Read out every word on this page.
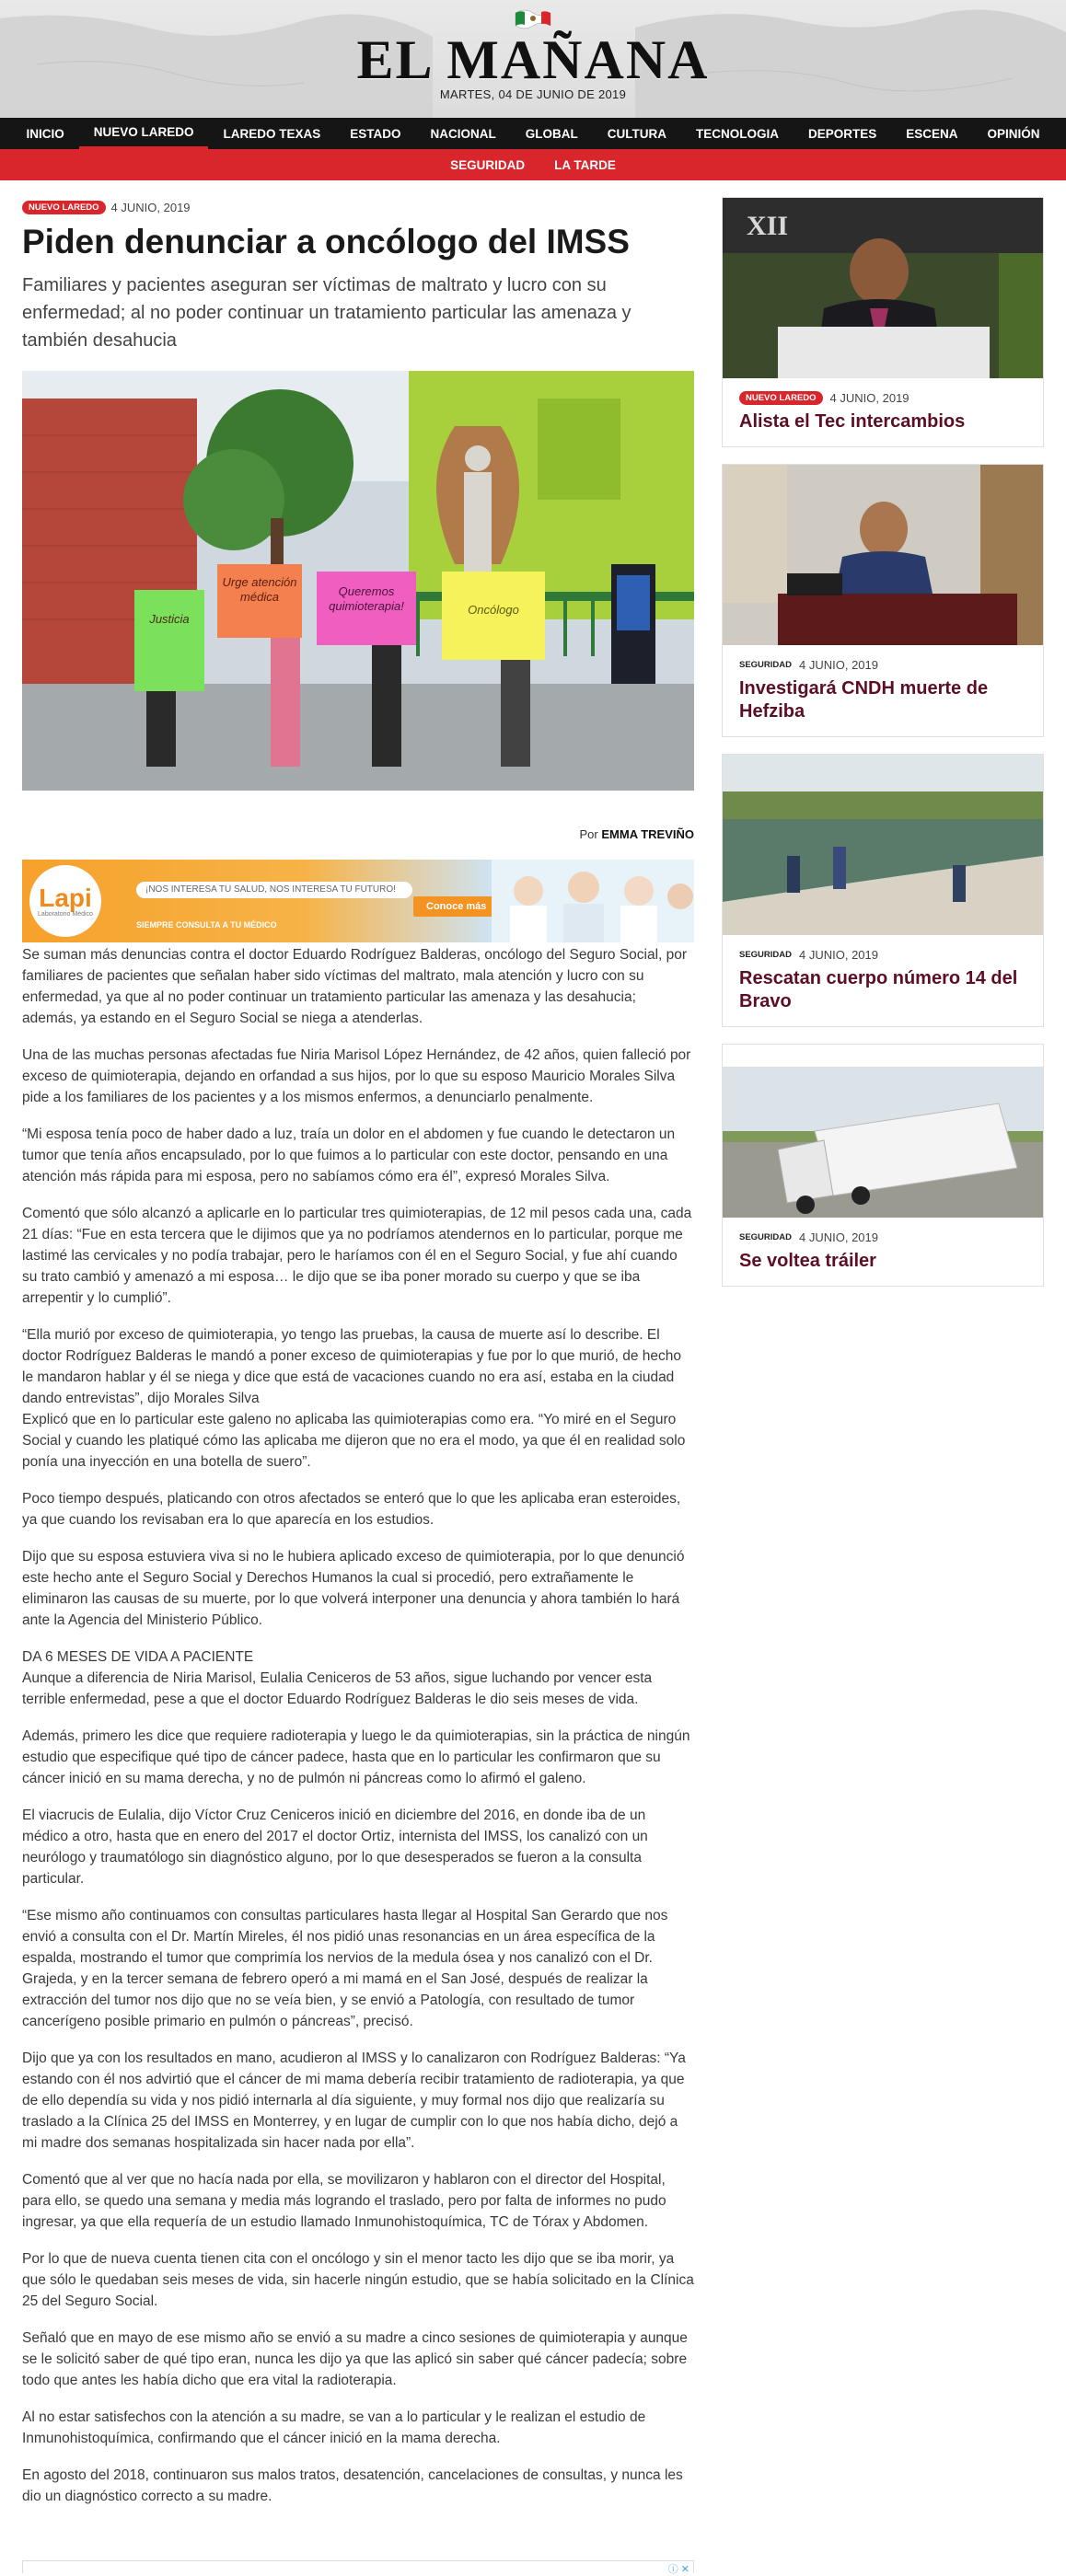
EL MAÑANA
MARTES, 04 DE JUNIO DE 2019
INICIO	NUEVO LAREDO	LAREDO TEXAS	ESTADO	NACIONAL	GLOBAL	CULTURA	TECNOLOGIA	DEPORTES	ESCENA	OPINIÓN
SEGURIDAD	LA TARDE
NUEVO LAREDO	4 JUNIO, 2019
Piden denunciar a oncólogo del IMSS

Familiares y pacientes aseguran ser víctimas de maltrato y lucro con su enfermedad; al no poder continuar un tratamiento particular las amenaza y también desahucia

Justicia
Urge atención médica	Queremos quimioterapia!	Oncólogo
Por EMMA TREVIÑO
Lapi
Laboratorio Médico
¡NOS INTERESA TU SALUD, NOS INTERESA TU FUTURO!
SIEMPRE CONSULTA A TU MÉDICO
Conoce más

Se suman más denuncias contra el doctor Eduardo Rodríguez Balderas, oncólogo del Seguro Social, por familiares de pacientes que señalan haber sido víctimas del maltrato, mala atención y lucro con su enfermedad, ya que al no poder continuar un tratamiento particular las amenaza y las desahucia; además, ya estando en el Seguro Social se niega a atenderlas.

Una de las muchas personas afectadas fue Niria Marisol López Hernández, de 42 años, quien falleció por exceso de quimioterapia, dejando en orfandad a sus hijos, por lo que su esposo Mauricio Morales Silva pide a los familiares de los pacientes y a los mismos enfermos, a denunciarlo penalmente.

“Mi esposa tenía poco de haber dado a luz, traía un dolor en el abdomen y fue cuando le detectaron un tumor que tenía años encapsulado, por lo que fuimos a lo particular con este doctor, pensando en una atención más rápida para mi esposa, pero no sabíamos cómo era él”, expresó Morales Silva.

Comentó que sólo alcanzó a aplicarle en lo particular tres quimioterapias, de 12 mil pesos cada una, cada 21 días: “Fue en esta tercera que le dijimos que ya no podríamos atendernos en lo particular, porque me lastimé las cervicales y no podía trabajar, pero le haríamos con él en el Seguro Social, y fue ahí cuando su trato cambió y amenazó a mi esposa… le dijo que se iba poner morado su cuerpo y que se iba arrepentir y lo cumplió”.

“Ella murió por exceso de quimioterapia, yo tengo las pruebas, la causa de muerte así lo describe. El doctor Rodríguez Balderas le mandó a poner exceso de quimioterapias y fue por lo que murió, de hecho le mandaron hablar y él se niega y dice que está de vacaciones cuando no era así, estaba en la ciudad dando entrevistas”, dijo Morales Silva
Explicó que en lo particular este galeno no aplicaba las quimioterapias como era. “Yo miré en el Seguro Social y cuando les platiqué cómo las aplicaba me dijeron que no era el modo, ya que él en realidad solo ponía una inyección en una botella de suero”.

Poco tiempo después, platicando con otros afectados se enteró que lo que les aplicaba eran esteroides, ya que cuando los revisaban era lo que aparecía en los estudios.

Dijo que su esposa estuviera viva si no le hubiera aplicado exceso de quimioterapia, por lo que denunció este hecho ante el Seguro Social y Derechos Humanos la cual si procedió, pero extrañamente le eliminaron las causas de su muerte, por lo que volverá interponer una denuncia y ahora también lo hará ante la Agencia del Ministerio Público.

DA 6 MESES DE VIDA A PACIENTE

Aunque a diferencia de Niria Marisol, Eulalia Ceniceros de 53 años, sigue luchando por vencer esta terrible enfermedad, pese a que el doctor Eduardo Rodríguez Balderas le dio seis meses de vida.

Además, primero les dice que requiere radioterapia y luego le da quimioterapias, sin la práctica de ningún estudio que especifique qué tipo de cáncer padece, hasta que en lo particular les confirmaron que su cáncer inició en su mama derecha, y no de pulmón ni páncreas como lo afirmó el galeno.

El viacrucis de Eulalia, dijo Víctor Cruz Ceniceros inició en diciembre del 2016, en donde iba de un médico a otro, hasta que en enero del 2017 el doctor Ortiz, internista del IMSS, los canalizó con un neurólogo y traumatólogo sin diagnóstico alguno, por lo que desesperados se fueron a la consulta particular.

“Ese mismo año continuamos con consultas particulares hasta llegar al Hospital San Gerardo que nos envió a consulta con el Dr. Martín Mireles, él nos pidió unas resonancias en un área específica de la espalda, mostrando el tumor que comprimía los nervios de la medula ósea y nos canalizó con el Dr. Grajeda, y en la tercer semana de febrero operó a mi mamá en el San José, después de realizar la extracción del tumor nos dijo que no se veía bien, y se envió a Patología, con resultado de tumor cancerígeno posible primario en pulmón o páncreas”, precisó.

Dijo que ya con los resultados en mano, acudieron al IMSS y lo canalizaron con Rodríguez Balderas: “Ya estando con él nos advirtió que el cáncer de mi mama debería recibir tratamiento de radioterapia, ya que de ello dependía su vida y nos pidió internarla al día siguiente, y muy formal nos dijo que realizaría su traslado a la Clínica 25 del IMSS en Monterrey, y en lugar de cumplir con lo que nos había dicho, dejó a mi madre dos semanas hospitalizada sin hacer nada por ella”.

Comentó que al ver que no hacía nada por ella, se movilizaron y hablaron con el director del Hospital, para ello, se quedo una semana y media más logrando el traslado, pero por falta de informes no pudo ingresar, ya que ella requería de un estudio llamado Inmunohistoquímica, TC de Tórax y Abdomen.

Por lo que de nueva cuenta tienen cita con el oncólogo y sin el menor tacto les dijo que se iba morir, ya que sólo le quedaban seis meses de vida, sin hacerle ningún estudio, que se había solicitado en la Clínica 25 del Seguro Social.

Señaló que en mayo de ese mismo año se envió a su madre a cinco sesiones de quimioterapia y aunque se le solicitó saber de qué tipo eran, nunca les dijo ya que las aplicó sin saber qué cáncer padecía; sobre todo que antes les había dicho que era vital la radioterapia.

Al no estar satisfechos con la atención a su madre, se van a lo particular y le realizan el estudio de Inmunohistoquímica, confirmando que el cáncer inició en la mama derecha.

En agosto del 2018, continuaron sus malos tratos, desatención, cancelaciones de consultas, y nunca les dio un diagnóstico correcto a su madre.

ⓘ ✕
XII
NUEVO LAREDO	4 JUNIO, 2019
Alista el Tec intercambios
SEGURIDAD 4 JUNIO, 2019
Investigará CNDH muerte de Hefziba
SEGURIDAD 4 JUNIO, 2019
Rescatan cuerpo número 14 del Bravo
SEGURIDAD 4 JUNIO, 2019
Se voltea tráiler
